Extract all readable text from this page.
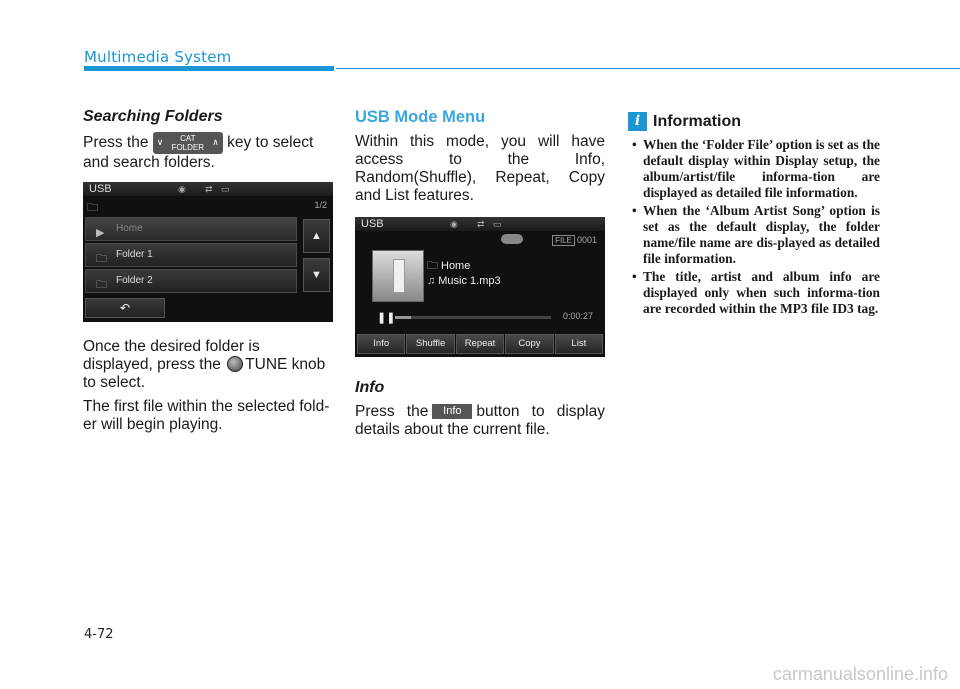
Multimedia System
Searching Folders
Press the ∨ CAT
FOLDER
∧ key to select and search folders.
USB	◉ ⇄ ▭
🗀	1/2
▶ Home
🗀 Folder 1
🗀 Folder 2
▲
▼
↶
Once the desired folder is displayed, press the TUNE knob to select.
The first file within the selected fold-er will begin playing.
USB Mode Menu
Within this mode, you will have access to the Info, Random(Shuffle), Repeat, Copy and List features.
USB	◉ ⇄ ▭
FILE 0001
🗀 Home
♫ Music 1.mp3
❚❚	0:00:27
Info	Shuffle	Repeat	Copy	List
Info
Press the Info button to display details about the current file.
i Information
• When the ‘Folder File’ option is set as the default display within Display setup, the album/artist/file informa-tion are displayed as detailed file information.
• When the ‘Album Artist Song’ option is set as the default display, the folder name/file name are dis-played as detailed file information.
• The title, artist and album info are displayed only when such informa-tion are recorded within the MP3 file ID3 tag.
4-72
carmanualsonline.info
